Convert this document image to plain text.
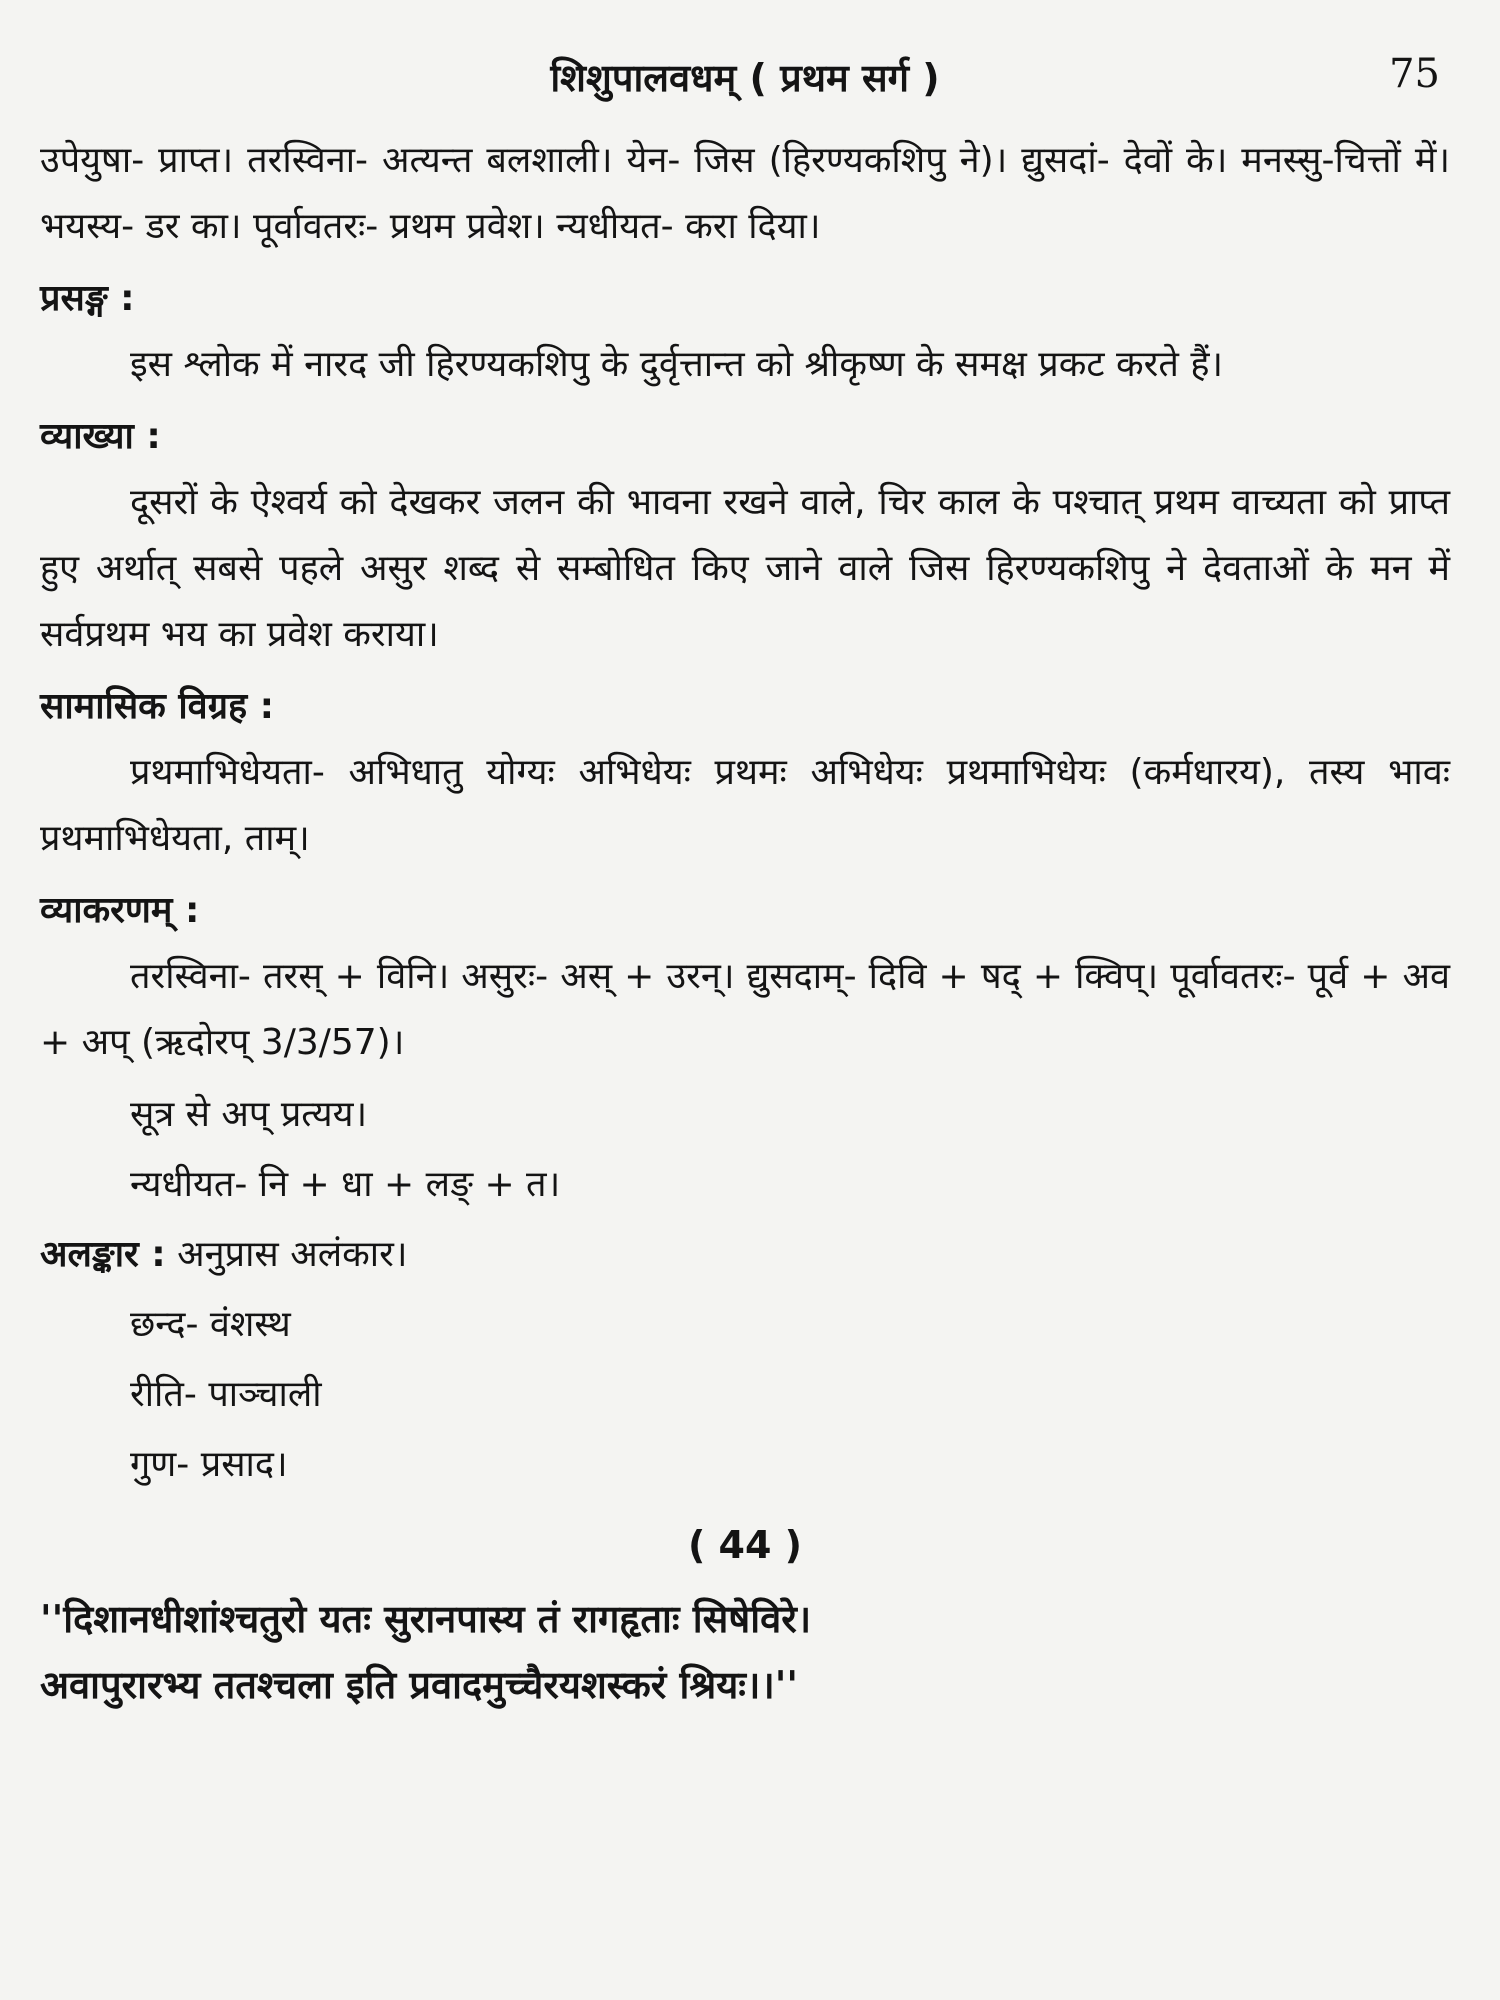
शिशुपालवधम् ( प्रथम सर्ग )	75

उपेयुषा- प्राप्त। तरस्विना- अत्यन्त बलशाली। येन- जिस (हिरण्यकशिपु ने)। द्युसदां- देवों के। मनस्सु-चित्तों में। भयस्य- डर का। पूर्वावतरः- प्रथम प्रवेश। न्यधीयत- करा दिया।

प्रसङ्ग :

इस श्लोक में नारद जी हिरण्यकशिपु के दुर्वृत्तान्त को श्रीकृष्ण के समक्ष प्रकट करते हैं।

व्याख्या :

दूसरों के ऐश्वर्य को देखकर जलन की भावना रखने वाले, चिर काल के पश्चात् प्रथम वाच्यता को प्राप्त हुए अर्थात् सबसे पहले असुर शब्द से सम्बोधित किए जाने वाले जिस हिरण्यकशिपु ने देवताओं के मन में सर्वप्रथम भय का प्रवेश कराया।

सामासिक विग्रह :

प्रथमाभिधेयता- अभिधातु योग्यः अभिधेयः प्रथमः अभिधेयः प्रथमाभिधेयः (कर्मधारय), तस्य भावः प्रथमाभिधेयता, ताम्।

व्याकरणम् :

तरस्विना- तरस् + विनि। असुरः- अस् + उरन्। द्युसदाम्- दिवि + षद् + क्विप्। पूर्वावतरः- पूर्व + अव + अप् (ऋदोरप् 3/3/57)।

सूत्र से अप् प्रत्यय।
न्यधीयत- नि + धा + लङ् + त।
अलङ्कार : अनुप्रास अलंकार।
छन्द- वंशस्थ
रीति- पाञ्चाली
गुण- प्रसाद।
( 44 )
''दिशानधीशांश्चतुरो यतः सुरानपास्य तं रागहृताः सिषेविरे।
अवापुरारभ्य ततश्चला इति प्रवादमुच्चैरयशस्करं श्रियः।।''
